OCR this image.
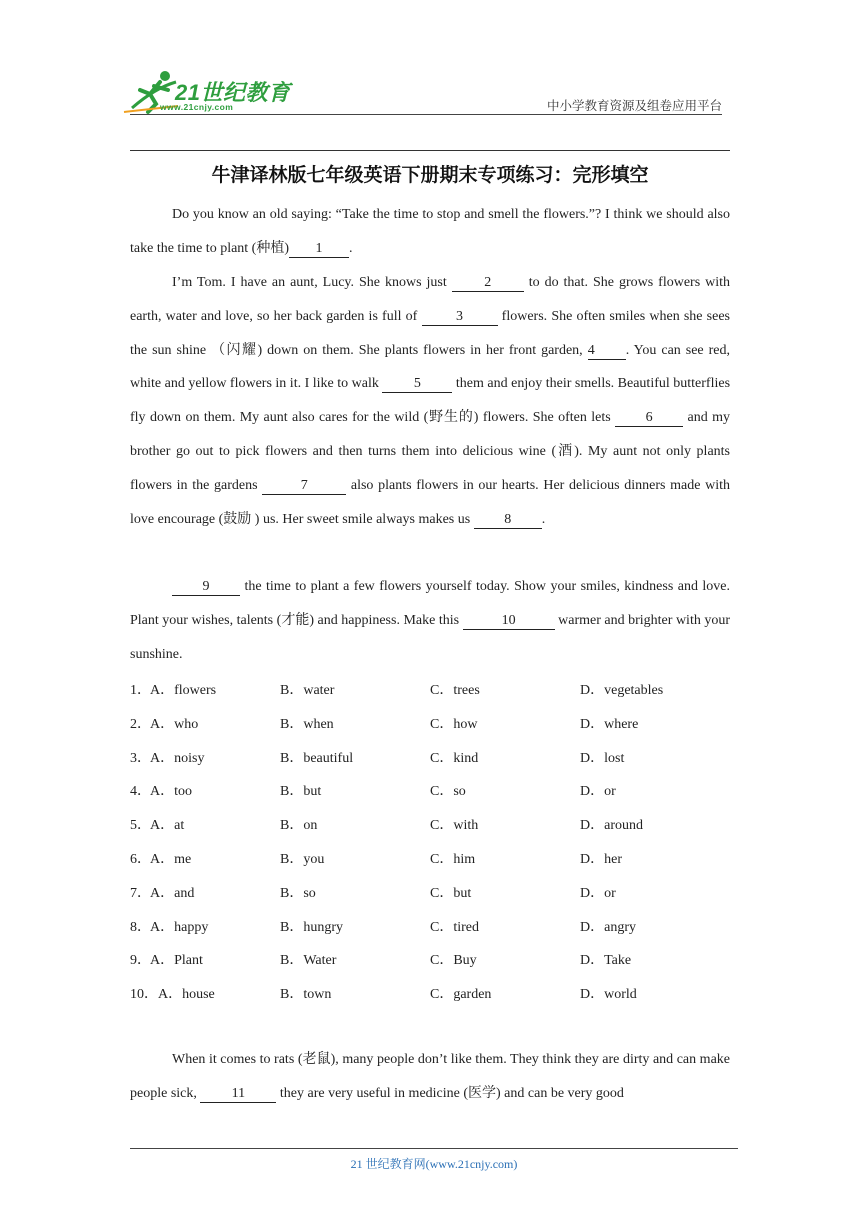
21世纪教育
www.21cnjy.com	中小学教育资源及组卷应用平台
牛津译林版七年级英语下册期末专项练习：完形填空
Do you know an old saying: “Take the time to stop and smell the flowers.”? I think we should also take the time to plant (种植) 1 .
I’m Tom. I have an aunt, Lucy. She knows just	2	to do that. She grows flowers with earth, water and love, so her back garden is full of	3	flowers. She often smiles when she sees the sun shine （闪耀) down on them. She plants flowers in her front garden, 4 . You can see red, white and yellow flowers in it. I like to walk	5	them and enjoy their smells. Beautiful butterflies fly down on them. My aunt also cares for the wild (野生的) flowers. She often lets 6 and my brother go out to pick flowers and then turns them into delicious wine (酒). My aunt not only plants flowers in the gardens	7	also plants flowers in our hearts. Her delicious dinners made with love encourage (鼓励 ) us. Her sweet smile always makes us 8 .
9 the time to plant a few flowers yourself today. Show your smiles, kindness and love. Plant your wishes, talents (才能) and happiness. Make this	10	warmer and brighter with your sunshine.
1． A．flowers	B．water	C．trees	D．vegetables
2． A．who	B．when	C．how	D．where
3． A．noisy	B．beautiful	C．kind	D．lost
4． A．too	B．but	C．so	D．or
5． A．at	B．on	C．with	D．around
6． A．me	B．you	C．him	D．her
7． A．and	B．so	C．but	D．or
8． A．happy	B．hungry	C．tired	D．angry
9． A．Plant	B．Water	C．Buy	D．Take
10． A．house	B．town	C．garden	D．world
When it comes to rats (老鼠), many people don’t like them. They think they are dirty and can make people sick, 11 they are very useful in medicine (医学) and can be very good
21 世纪教育网(www.21cnjy.com)
